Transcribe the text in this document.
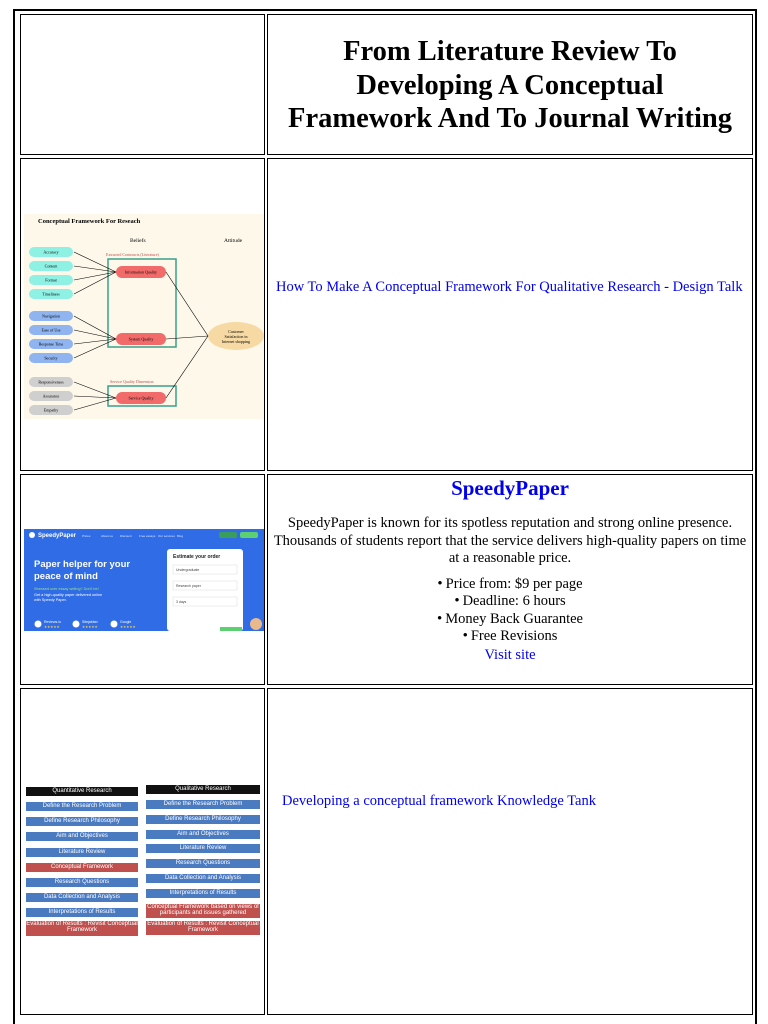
From Literature Review To
Developing A Conceptual
Framework And To Journal Writing
Conceptual Framework For Reseach
Beliefs	Attitude
Extracted Constructs (Literature)
Service Quality Dimension
Accuracy
Content
Format
Timeliness
Navigation
Ease of Use
Response Time
Security
Responsiveness
Assurance
Empathy
Information Quality
System Quality
Service Quality
Customer Satisfaction in Internet shopping
How To Make A Conceptual Framework For Qualitative Research - Design Talk
SpeedyPaper Prices	About us Discount Free essays Our services Blog
Paper helper for your
peace of mind
Stressed over essay writing? Don't be!
Get a high-quality paper delivered online
with Speedy Paper.
Reviews.io
★★★★★
Sitejabber
★★★★★
Google
★★★★★
Estimate your order
Undergraduate
Research paper
3 days
SpeedyPaper

SpeedyPaper is known for its spotless reputation and strong online presence. Thousands of students report that the service delivers high-quality papers on time at a reasonable price.

• Price from: $9 per page
• Deadline: 6 hours
• Money Back Guarantee
• Free Revisions
Visit site
Quantitative Research	Qualitative Research
Define the Research Problem
Define Research Philosophy
Aim and Objectives
Literature Review
Conceptual Framework
Research Questions
Data Collection and Analysis
Interpretations of Results
Evaluation of Results : Revisit Conceptual Framework
Define the Research Problem
Define Research Philosophy
Aim and Objectives
Literature Review
Research Questions
Data Collection and Analysis
Interpretations of Results
Conceptual Framework based on views of participants and issues gathered
Evaluation of Results : Revisit Conceptual Framework
Developing a conceptual framework Knowledge Tank
